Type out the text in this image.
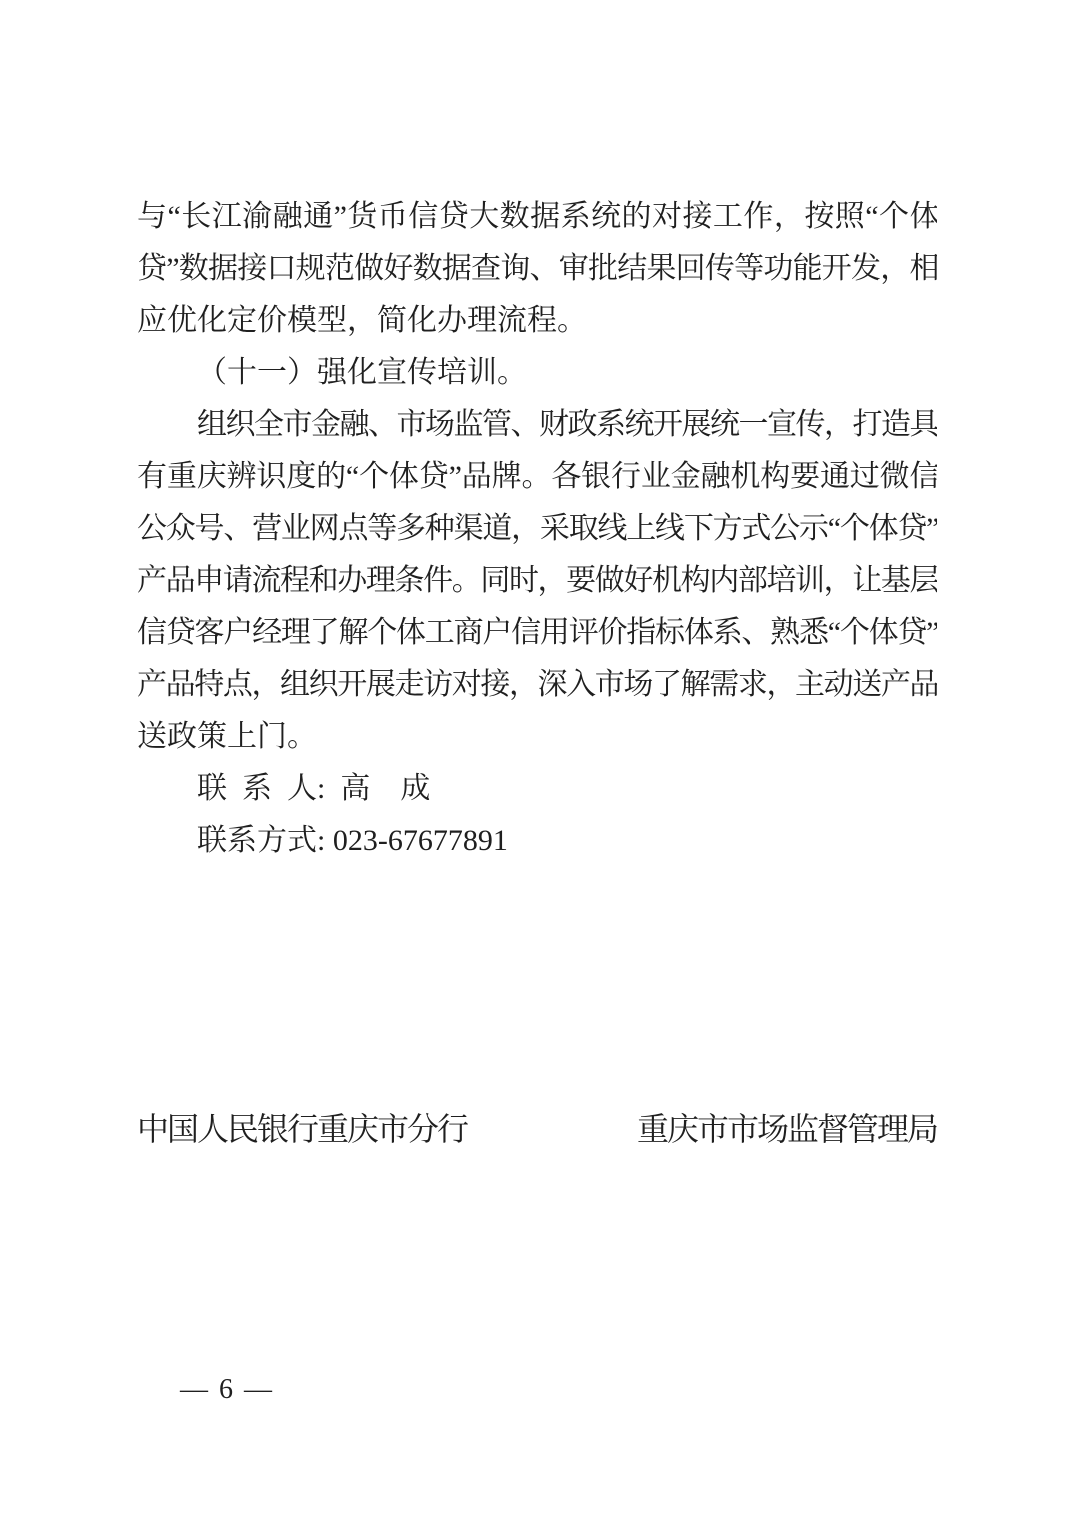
与“长江渝融通”货币信贷大数据系统的对接工作，按照“个体
贷”数据接口规范做好数据查询、审批结果回传等功能开发，相
应优化定价模型，简化办理流程。
（十一）强化宣传培训。
组织全市金融、市场监管、财政系统开展统一宣传，打造具
有重庆辨识度的“个体贷”品牌。各银行业金融机构要通过微信
公众号、营业网点等多种渠道，采取线上线下方式公示“个体贷”
产品申请流程和办理条件。同时，要做好机构内部培训，让基层
信贷客户经理了解个体工商户信用评价指标体系、熟悉“个体贷”
产品特点，组织开展走访对接，深入市场了解需求，主动送产品
送政策上门。
联 系 人: 高 成
联系方式: 023-67677891
中国人民银行重庆市分行	重庆市市场监督管理局
— 6 —
